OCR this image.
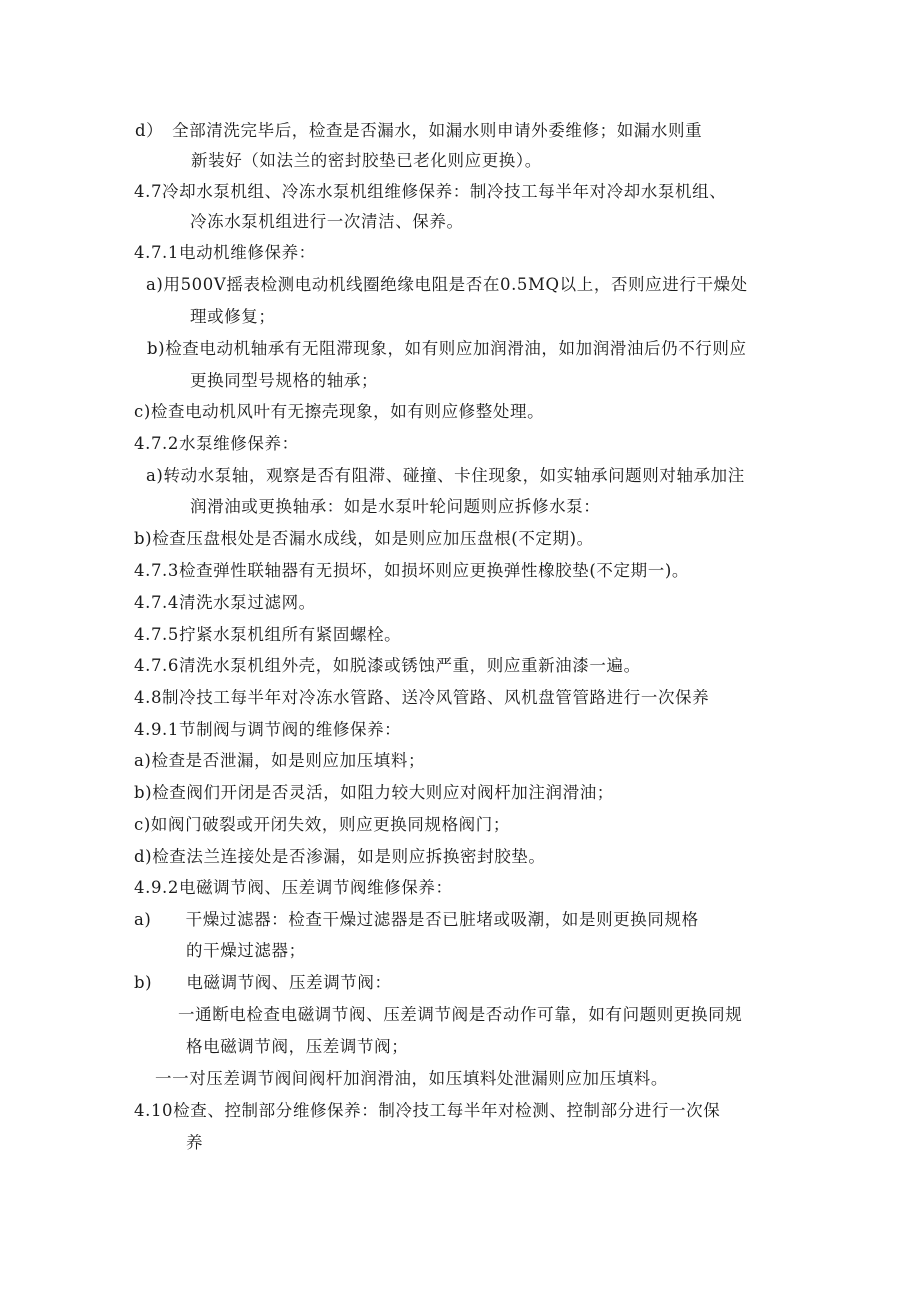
d）　全部清洗完毕后，检查是否漏水，如漏水则申请外委维修；如漏水则重
新装好（如法兰的密封胶垫已老化则应更换）。
4.7冷却水泵机组、冷冻水泵机组维修保养：制冷技工每半年对冷却水泵机组、
冷冻水泵机组进行一次清洁、保养。
4.7.1电动机维修保养：
a)用500V摇表检测电动机线圈绝缘电阻是否在0.5MQ以上，否则应进行干燥处
理或修复；
b)检查电动机轴承有无阻滞现象，如有则应加润滑油，如加润滑油后仍不行则应
更换同型号规格的轴承；
c)检查电动机风叶有无擦壳现象，如有则应修整处理。
4.7.2水泵维修保养：
a)转动水泵轴，观察是否有阻滞、碰撞、卡住现象，如实轴承问题则对轴承加注
润滑油或更换轴承：如是水泵叶轮问题则应拆修水泵：
b)检查压盘根处是否漏水成线，如是则应加压盘根(不定期)。
4.7.3检查弹性联轴器有无损坏，如损坏则应更换弹性橡胶垫(不定期一)。
4.7.4清洗水泵过滤网。
4.7.5拧紧水泵机组所有紧固螺栓。
4.7.6清洗水泵机组外壳，如脱漆或锈蚀严重，则应重新油漆一遍。
4.8制冷技工每半年对冷冻水管路、送冷风管路、风机盘管管路进行一次保养
4.9.1节制阀与调节阀的维修保养：
a)检查是否泄漏，如是则应加压填料；
b)检查阀们开闭是否灵活，如阻力较大则应对阀杆加注润滑油；
c)如阀门破裂或开闭失效，则应更换同规格阀门；
d)检查法兰连接处是否渗漏，如是则应拆换密封胶垫。
4.9.2电磁调节阀、压差调节阀维修保养：
a)　　干燥过滤器：检查干燥过滤器是否已脏堵或吸潮，如是则更换同规格
的干燥过滤器；
b)　　电磁调节阀、压差调节阀：
一通断电检查电磁调节阀、压差调节阀是否动作可靠，如有问题则更换同规
格电磁调节阀，压差调节阀；
一一对压差调节阀间阀杆加润滑油，如压填料处泄漏则应加压填料。
4.10检查、控制部分维修保养：制冷技工每半年对检测、控制部分进行一次保
养
